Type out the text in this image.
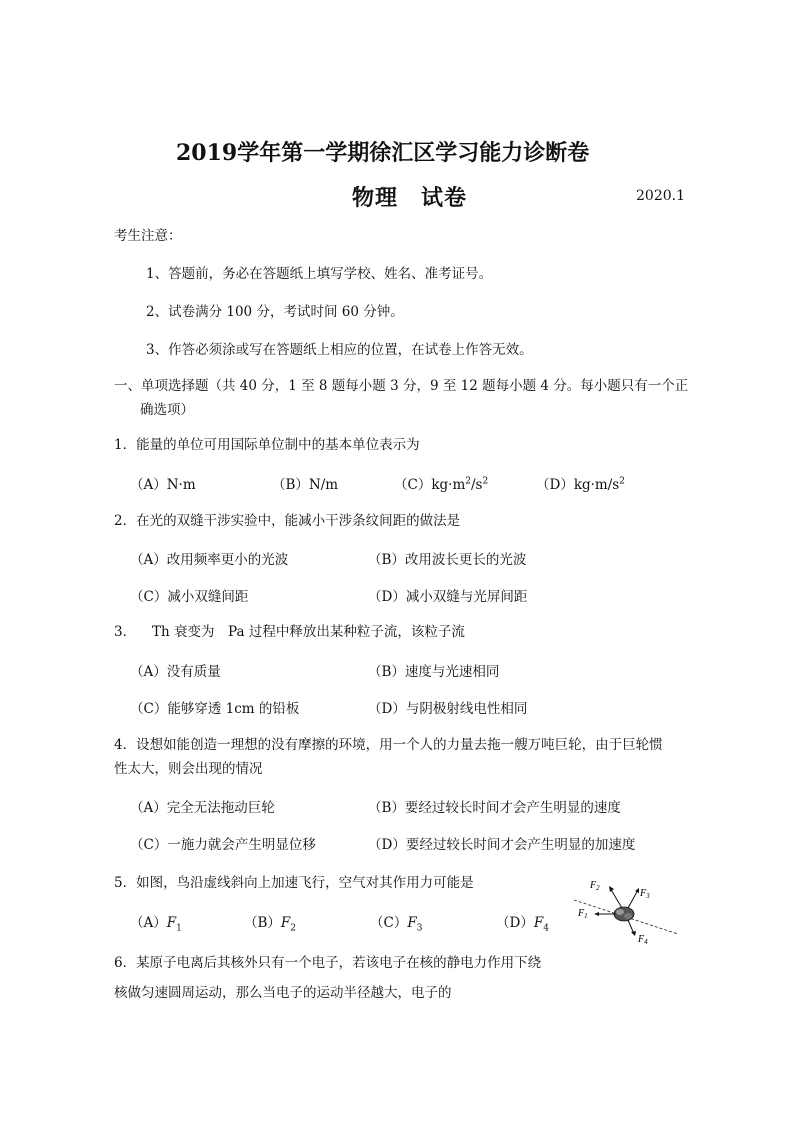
2019学年第一学期徐汇区学习能力诊断卷
物理　试卷	2020.1
考生注意：
1、答题前，务必在答题纸上填写学校、姓名、准考证号。
2、试卷满分 100 分，考试时间 60 分钟。
3、作答必须涂或写在答题纸上相应的位置，在试卷上作答无效。
一、单项选择题（共 40 分，1 至 8 题每小题 3 分，9 至 12 题每小题 4 分。每小题只有一个正
确选项）
1．能量的单位可用国际单位制中的基本单位表示为
（A）N·m	（B）N/m	$(C)kg\cdot m^2/s^2$	$(D)kg\cdot m/s^2$
2．在光的双缝干涉实验中，能减小干涉条纹间距的做法是
（A）改用频率更小的光波	（B）改用波长更长的光波
（C）减小双缝间距	（D）减小双缝与光屏间距
3． Th 衰变为 Pa 过程中释放出某种粒子流，该粒子流
（A）没有质量	（B）速度与光速相同
（C）能够穿透 1cm 的铅板	（D）与阴极射线电性相同
4．设想如能创造一理想的没有摩擦的环境，用一个人的力量去拖一艘万吨巨轮，由于巨轮惯
性太大，则会出现的情况
（A）完全无法拖动巨轮	（B）要经过较长时间才会产生明显的速度
（C）一施力就会产生明显位移	（D）要经过较长时间才会产生明显的加速度
5．如图，鸟沿虚线斜向上加速飞行，空气对其作用力可能是
$(A)F_1$	$(B)F_2$	$(C)F_3$	$(D)F_4$
$F_2$	$F_3$
$F_1$
$F_4$
6．某原子电离后其核外只有一个电子，若该电子在核的静电力作用下绕
核做匀速圆周运动，那么当电子的运动半径越大，电子的
